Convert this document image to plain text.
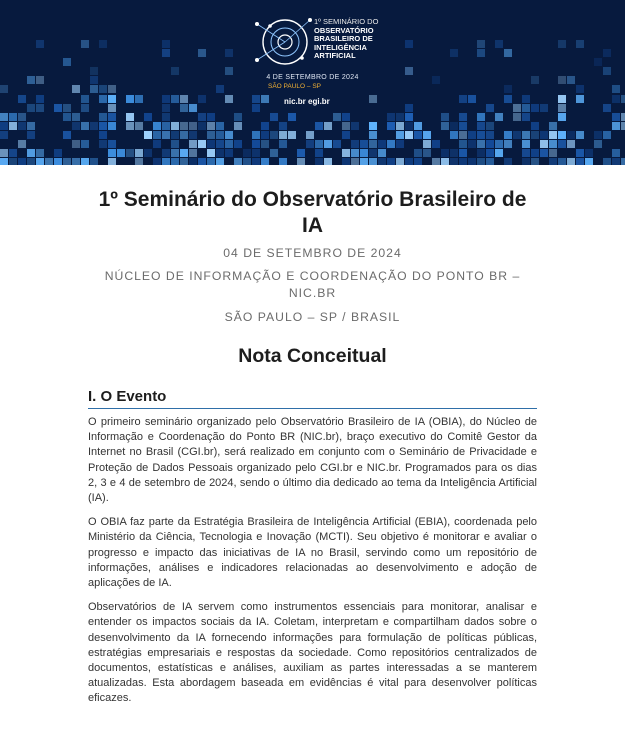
1º SEMINÁRIO DO
OBSERVATÓRIO
BRASILEIRO DE
INTELIGÊNCIA
ARTIFICIAL
4 DE SETEMBRO DE 2024
SÃO PAULO – SP
nic.br egi.br
1º Seminário do Observatório Brasileiro de IA
04 DE SETEMBRO DE 2024
NÚCLEO DE INFORMAÇÃO E COORDENAÇÃO DO PONTO BR – NIC.BR
SÃO PAULO – SP / BRASIL
Nota Conceitual
I. O Evento

O primeiro seminário organizado pelo Observatório Brasileiro de IA (OBIA), do Núcleo de Informação e Coordenação do Ponto BR (NIC.br), braço executivo do Comitê Gestor da Internet no Brasil (CGI.br), será realizado em conjunto com o Seminário de Privacidade e Proteção de Dados Pessoais organizado pelo CGI.br e NIC.br. Programados para os dias 2, 3 e 4 de setembro de 2024, sendo o último dia dedicado ao tema da Inteligência Artificial (IA).

O OBIA faz parte da Estratégia Brasileira de Inteligência Artificial (EBIA), coordenada pelo Ministério da Ciência, Tecnologia e Inovação (MCTI). Seu objetivo é monitorar e avaliar o progresso e impacto das iniciativas de IA no Brasil, servindo como um repositório de informações, análises e indicadores relacionadas ao desenvolvimento e adoção de aplicações de IA.

Observatórios de IA servem como instrumentos essenciais para monitorar, analisar e entender os impactos sociais da IA. Coletam, interpretam e compartilham dados sobre o desenvolvimento da IA fornecendo informações para formulação de políticas públicas, estratégias empresariais e respostas da sociedade. Como repositórios centralizados de documentos, estatísticas e análises, auxiliam as partes interessadas a se manterem atualizadas. Esta abordagem baseada em evidências é vital para desenvolver políticas eficazes.
